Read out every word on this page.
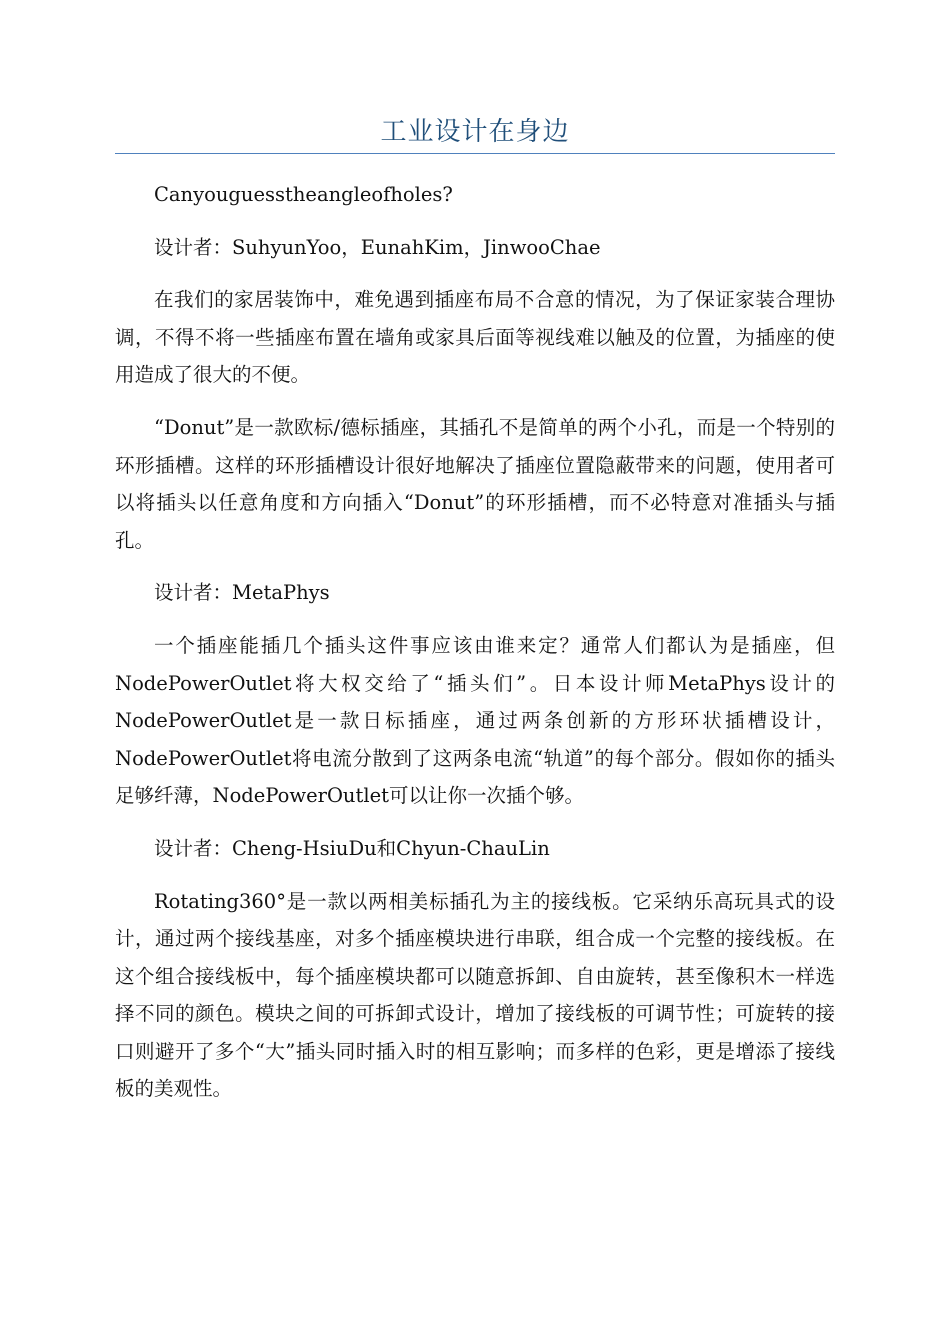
工业设计在身边

Canyouguesstheangleofholes?

设计者：SuhyunYoo，EunahKim，JinwooChae

在我们的家居装饰中，难免遇到插座布局不合意的情况，为了保证家装合理协调，不得不将一些插座布置在墙角或家具后面等视线难以触及的位置，为插座的使用造成了很大的不便。

“Donut”是一款欧标/德标插座，其插孔不是简单的两个小孔，而是一个特别的环形插槽。这样的环形插槽设计很好地解决了插座位置隐蔽带来的问题，使用者可以将插头以任意角度和方向插入“Donut”的环形插槽，而不必特意对准插头与插孔。

设计者：MetaPhys

一个插座能插几个插头这件事应该由谁来定？通常人们都认为是插座，但NodePowerOutlet将大权交给了“插头们”。日本设计师MetaPhys设计的NodePowerOutlet是一款日标插座，通过两条创新的方形环状插槽设计，NodePowerOutlet将电流分散到了这两条电流“轨道”的每个部分。假如你的插头足够纤薄，NodePowerOutlet可以让你一次插个够。

设计者：Cheng-HsiuDu和Chyun-ChauLin

Rotating360°是一款以两相美标插孔为主的接线板。它采纳乐高玩具式的设计，通过两个接线基座，对多个插座模块进行串联，组合成一个完整的接线板。在这个组合接线板中，每个插座模块都可以随意拆卸、自由旋转，甚至像积木一样选择不同的颜色。模块之间的可拆卸式设计，增加了接线板的可调节性；可旋转的接口则避开了多个“大”插头同时插入时的相互影响；而多样的色彩，更是增添了接线板的美观性。
